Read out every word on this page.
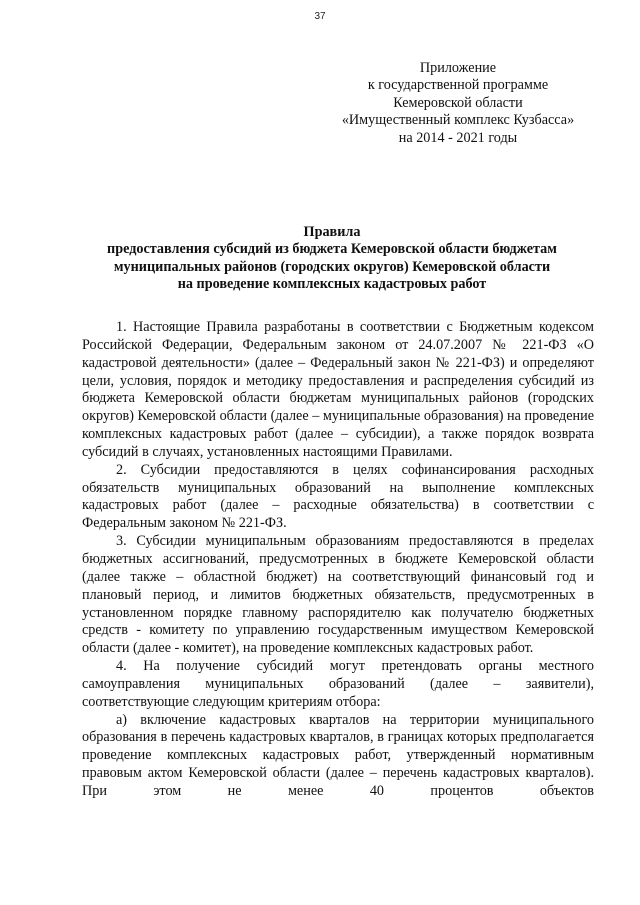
37
Приложение
к государственной программе
Кемеровской области
«Имущественный комплекс Кузбасса»
на 2014 - 2021 годы
Правила
предоставления субсидий из бюджета Кемеровской области бюджетам
муниципальных районов (городских округов) Кемеровской области
на проведение комплексных кадастровых работ

1. Настоящие Правила разработаны в соответствии с Бюджетным кодексом Российской Федерации, Федеральным законом от 24.07.2007 № 221-ФЗ «О кадастровой деятельности» (далее – Федеральный закон № 221-ФЗ) и определяют цели, условия, порядок и методику предоставления и распределения субсидий из бюджета Кемеровской области бюджетам муниципальных районов (городских округов) Кемеровской области (далее – муниципальные образования) на проведение комплексных кадастровых работ (далее – субсидии), а также порядок возврата субсидий в случаях, установленных настоящими Правилами.

2. Субсидии предоставляются в целях софинансирования расходных обязательств муниципальных образований на выполнение комплексных кадастровых работ (далее – расходные обязательства) в соответствии с Федеральным законом № 221-ФЗ.

3. Субсидии муниципальным образованиям предоставляются в пределах бюджетных ассигнований, предусмотренных в бюджете Кемеровской области (далее также – областной бюджет) на соответствующий финансовый год и плановый период, и лимитов бюджетных обязательств, предусмотренных в установленном порядке главному распорядителю как получателю бюджетных средств - комитету по управлению государственным имуществом Кемеровской области (далее - комитет), на проведение комплексных кадастровых работ.

4. На получение субсидий могут претендовать органы местного самоуправления муниципальных образований (далее – заявители), соответствующие следующим критериям отбора:

а) включение кадастровых кварталов на территории муниципального образования в перечень кадастровых кварталов, в границах которых предполагается проведение комплексных кадастровых работ, утвержденный нормативным правовым актом Кемеровской области (далее – перечень кадастровых кварталов). При этом не менее 40 процентов объектов
